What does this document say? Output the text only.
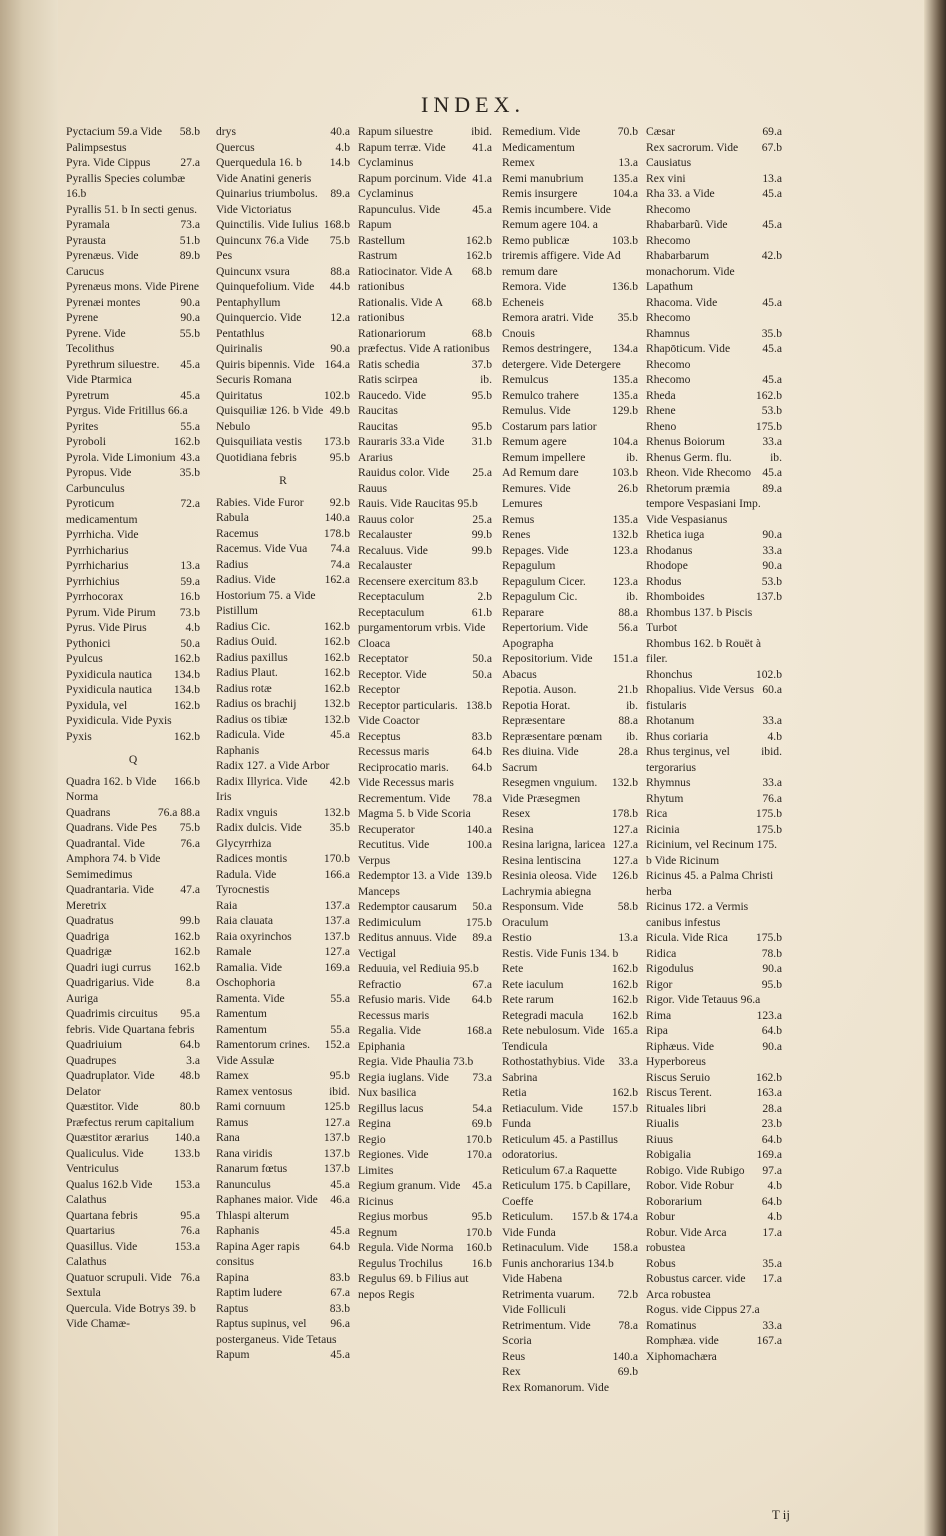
INDEX.
58.b
Pyctacium 59.a Vide Palimpsestus
27.a
Pyra. Vide Cippus
Pyrallis Species columbæ 16.b
Pyrallis 51. b In secti genus.
73.a
Pyramala
51.b
Pyrausta
89.b
Pyrenæus. Vide Carucus
Pyrenæus mons. Vide Pirene
90.a
Pyrenæi montes
90.a
Pyrene
55.b
Pyrene. Vide Tecolithus
45.a
Pyrethrum siluestre. Vide Ptarmica
45.a
Pyretrum
Pyrgus. Vide Fritillus 66.a
55.a
Pyrites
162.b
Pyroboli
43.a
Pyrola. Vide Limonium
35.b
Pyropus. Vide Carbunculus
72.a
Pyroticum medicamentum
Pyrrhicha. Vide Pyrrhicharius
13.a
Pyrrhicharius
59.a
Pyrrhichius
16.b
Pyrrhocorax
73.b
Pyrum. Vide Pirum
4.b
Pyrus. Vide Pirus
50.a
Pythonici
162.b
Pyulcus
134.b
Pyxidicula nautica
134.b
Pyxidicula nautica
162.b
Pyxidula, vel Pyxidicula. Vide Pyxis
162.b
Pyxis
Q
166.b
Quadra 162. b Vide Norma
76.a 88.a
Quadrans
75.b
Quadrans. Vide Pes
76.a
Quadrantal. Vide Amphora 74. b Vide Semimedimus
47.a
Quadrantaria. Vide Meretrix
99.b
Quadratus
162.b
Quadriga
162.b
Quadrigæ
162.b
Quadri iugi currus
8.a
Quadrigarius. Vide Auriga
95.a
Quadrimis circuitus febris. Vide Quartana febris
64.b
Quadriuium
3.a
Quadrupes
48.b
Quadruplator. Vide Delator
80.b
Quæstitor. Vide Præfectus rerum capitalium
140.a
Quæstitor ærarius
133.b
Qualiculus. Vide Ventriculus
153.a
Qualus 162.b Vide Calathus
95.a
Quartana febris
76.a
Quartarius
153.a
Quasillus. Vide Calathus
76.a
Quatuor scrupuli. Vide Sextula
Quercula. Vide Botrys 39. b Vide Chamæ-
40.a
drys
4.b
Quercus
14.b
Querquedula 16. b Vide Anatini generis
89.a
Quinarius triumbolus. Vide Victoriatus
168.b
Quinctilis. Vide Iulius
75.b
Quincunx 76.a Vide Pes
88.a
Quincunx vsura
44.b
Quinquefolium. Vide Pentaphyllum
12.a
Quinquercio. Vide Pentathlus
90.a
Quirinalis
164.a
Quiris bipennis. Vide Securis Romana
102.b
Quiritatus
49.b
Quisquiliæ 126. b Vide Nebulo
173.b
Quisquiliata vestis
95.b
Quotidiana febris
R
92.b
Rabies. Vide Furor
140.a
Rabula
178.b
Racemus
74.a
Racemus. Vide Vua
74.a
Radius
162.a
Radius. Vide Hostorium 75. a Vide Pistillum
162.b
Radius Cic.
162.b
Radius Ouid.
162.b
Radius paxillus
162.b
Radius Plaut.
162.b
Radius rotæ
132.b
Radius os brachij
132.b
Radius os tibiæ
45.a
Radicula. Vide Raphanis
Radix 127. a Vide Arbor
42.b
Radix Illyrica. Vide Iris
132.b
Radix vnguis
35.b
Radix dulcis. Vide Glycyrrhiza
170.b
Radices montis
166.a
Radula. Vide Tyrocnestis
137.a
Raia
137.a
Raia clauata
137.b
Raia oxyrinchos
127.a
Ramale
169.a
Ramalia. Vide Oschophoria
55.a
Ramenta. Vide Ramentum
55.a
Ramentum
152.a
Ramentorum crines. Vide Assulæ
95.b
Ramex
ibid.
Ramex ventosus
125.b
Rami cornuum
127.a
Ramus
137.b
Rana
137.b
Rana viridis
137.b
Ranarum fœtus
45.a
Ranunculus
46.a
Raphanes maior. Vide Thlaspi alterum
45.a
Raphanis
64.b
Rapina Ager rapis consitus
83.b
Rapina
67.a
Raptim ludere
83.b
Raptus
96.a
Raptus supinus, vel posterganeus. Vide Tetaus
45.a
Rapum
ibid.
Rapum siluestre
41.a
Rapum terræ. Vide Cyclaminus
41.a
Rapum porcinum. Vide Cyclaminus
45.a
Rapunculus. Vide Rapum
162.b
Rastellum
162.b
Rastrum
68.b
Ratiocinator. Vide A rationibus
68.b
Rationalis. Vide A rationibus
68.b
Rationariorum præfectus. Vide A rationibus
37.b
Ratis schedia
ib.
Ratis scirpea
95.b
Raucedo. Vide Raucitas
95.b
Raucitas
31.b
Rauraris 33.a Vide Ararius
25.a
Rauidus color. Vide Rauus
Rauis. Vide Raucitas 95.b
25.a
Rauus color
99.b
Recalauster
99.b
Recaluus. Vide Recalauster
Recensere exercitum 83.b
2.b
Receptaculum
61.b
Receptaculum purgamentorum vrbis. Vide Cloaca
50.a
Receptator
50.a
Receptor. Vide Receptor
138.b
Receptor particularis. Vide Coactor
83.b
Receptus
64.b
Recessus maris
64.b
Reciprocatio maris. Vide Recessus maris
78.a
Recrementum. Vide Magma 5. b Vide Scoria
140.a
Recuperator
100.a
Recutitus. Vide Verpus
139.b
Redemptor 13. a Vide Manceps
50.a
Redemptor causarum
175.b
Redimiculum
89.a
Reditus annuus. Vide Vectigal
Reduuia, vel Rediuia 95.b
67.a
Refractio
64.b
Refusio maris. Vide Recessus maris
168.a
Regalia. Vide Epiphania
Regia. Vide Phaulia 73.b
73.a
Regia iuglans. Vide Nux basilica
54.a
Regillus lacus
69.b
Regina
170.b
Regio
170.a
Regiones. Vide Limites
45.a
Regium granum. Vide Ricinus
95.b
Regius morbus
170.b
Regnum
160.b
Regula. Vide Norma
16.b
Regulus Trochilus
Regulus 69. b Filius aut nepos Regis
70.b
Remedium. Vide Medicamentum
13.a
Remex
135.a
Remi manubrium
104.a
Remis insurgere
Remis incumbere. Vide Remum agere 104. a
103.b
Remo publicæ triremis affigere. Vide Ad remum dare
136.b
Remora. Vide Echeneis
35.b
Remora aratri. Vide Cnouis
134.a
Remos destringere, detergere. Vide Detergere
135.a
Remulcus
135.a
Remulco trahere
129.b
Remulus. Vide Costarum pars latior
104.a
Remum agere
ib.
Remum impellere
103.b
Ad Remum dare
26.b
Remures. Vide Lemures
135.a
Remus
132.b
Renes
123.a
Repages. Vide Repagulum
123.a
Repagulum Cicer.
ib.
Repagulum Cic.
88.a
Reparare
56.a
Repertorium. Vide Apographa
151.a
Repositorium. Vide Abacus
21.b
Repotia. Auson.
ib.
Repotia Horat.
88.a
Repræsentare
ib.
Repræsentare pœnam
28.a
Res diuina. Vide Sacrum
132.b
Resegmen vnguium. Vide Præsegmen
178.b
Resex
127.a
Resina
127.a
Resina larigna, laricea
127.a
Resina lentiscina
126.b
Resinia oleosa. Vide Lachrymia abiegna
58.b
Responsum. Vide Oraculum
13.a
Restio
Restis. Vide Funis 134. b
162.b
Rete
162.b
Rete iaculum
162.b
Rete rarum
162.b
Retegradi macula
165.a
Rete nebulosum. Vide Tendicula
33.a
Rothostathybius. Vide Sabrina
162.b
Retia
157.b
Retiaculum. Vide Funda
Reticulum 45. a Pastillus odoratorius.
Reticulum 67.a Raquette
Reticulum 175. b Capillare, Coeffe
157.b & 174.a
Reticulum. Vide Funda
158.a
Retinaculum. Vide Funis anchorarius 134.b Vide Habena
72.b
Retrimenta vuarum. Vide Folliculi
78.a
Retrimentum. Vide Scoria
140.a
Reus
69.b
Rex
Rex Romanorum. Vide
69.a
Cæsar
67.b
Rex sacrorum. Vide Causiatus
13.a
Rex vini
45.a
Rha 33. a Vide Rhecomo
45.a
Rhabarbarũ. Vide Rhecomo
42.b
Rhabarbarum monachorum. Vide Lapathum
45.a
Rhacoma. Vide Rhecomo
35.b
Rhamnus
45.a
Rhapōticum. Vide Rhecomo
45.a
Rhecomo
162.b
Rheda
53.b
Rhene
175.b
Rheno
33.a
Rhenus Boiorum
ib.
Rhenus Germ. flu.
45.a
Rheon. Vide Rhecomo
89.a
Rhetorum præmia tempore Vespasiani Imp. Vide Vespasianus
90.a
Rhetica iuga
33.a
Rhodanus
90.a
Rhodope
53.b
Rhodus
137.b
Rhomboides
Rhombus 137. b Piscis Turbot
Rhombus 162. b Rouët à filer.
102.b
Rhonchus
60.a
Rhopalius. Vide Versus fistularis
33.a
Rhotanum
4.b
Rhus coriaria
ibid.
Rhus terginus, vel tergorarius
33.a
Rhymnus
76.a
Rhytum
175.b
Rica
175.b
Ricinia
Ricinium, vel Recinum 175. b Vide Ricinum
Ricinus 45. a Palma Christi herba
Ricinus 172. a Vermis canibus infestus
175.b
Ricula. Vide Rica
78.b
Ridica
90.a
Rigodulus
95.b
Rigor
Rigor. Vide Tetauus 96.a
123.a
Rima
64.b
Ripa
90.a
Riphæus. Vide Hyperboreus
162.b
Riscus Seruio
163.a
Riscus Terent.
28.a
Rituales libri
23.b
Riualis
64.b
Riuus
169.a
Robigalia
97.a
Robigo. Vide Rubigo
4.b
Robor. Vide Robur
64.b
Roborarium
4.b
Robur
17.a
Robur. Vide Arca robustea
35.a
Robus
17.a
Robustus carcer. vide Arca robustea
Rogus. vide Cippus 27.a
33.a
Romatinus
167.a
Romphæa. vide Xiphomachæra
T ij
